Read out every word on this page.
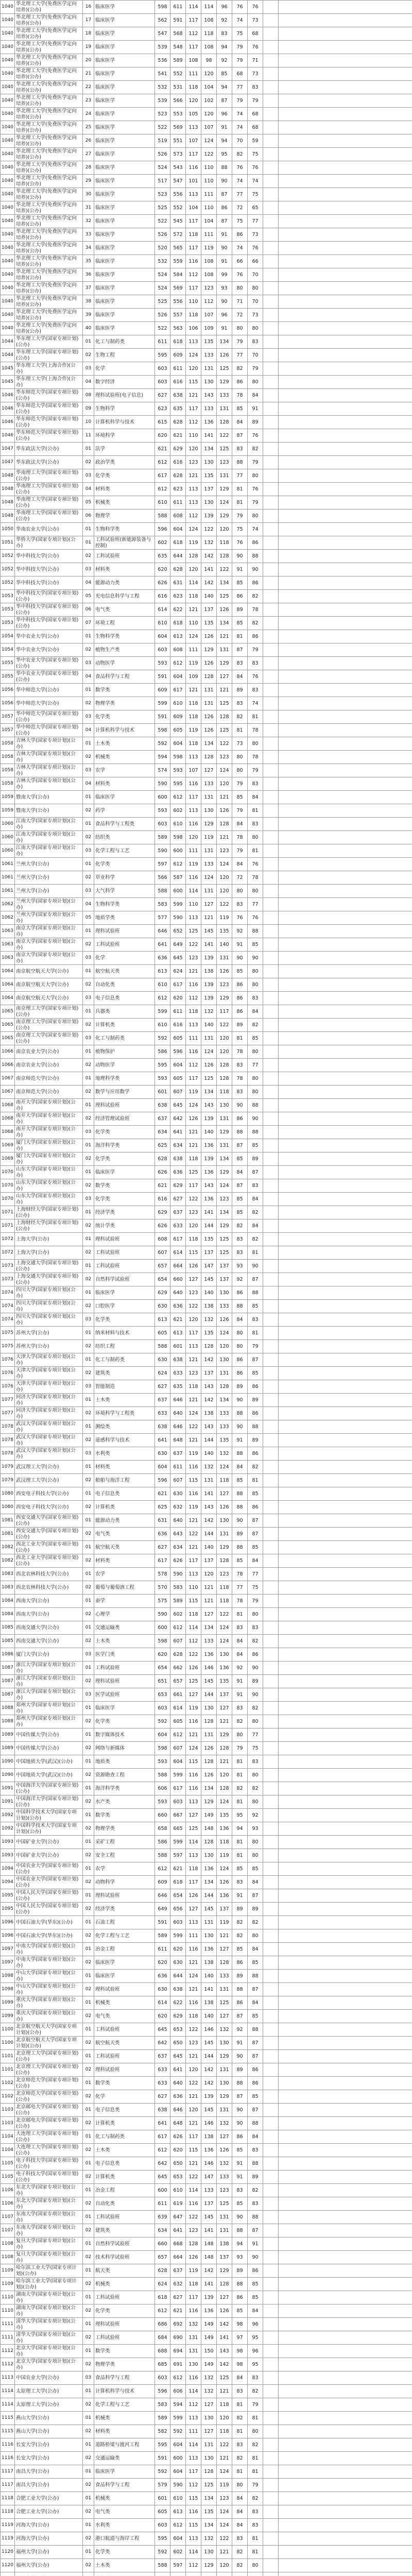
1040	华北理工大学(免费医学定向培养)(公办)	16	临床医学	598	611	114	114	96	76	76		
1040	华北理工大学(免费医学定向培养)(公办)	17	临床医学	562	591	117	108	92	74	73		
1040	华北理工大学(免费医学定向培养)(公办)	18	临床医学	547	568	112	118	83	75	68		
1040	华北理工大学(免费医学定向培养)(公办)	19	临床医学	539	548	117	108	94	79	76		
1040	华北理工大学(免费医学定向培养)(公办)	20	临床医学	536	589	108	98	92	79	71		
1040	华北理工大学(免费医学定向培养)(公办)	21	临床医学	541	552	111	120	85	68	73		
1040	华北理工大学(免费医学定向培养)(公办)	22	临床医学	532	531	118	104	94	77	83		
1040	华北理工大学(免费医学定向培养)(公办)	23	临床医学	539	566	120	102	87	79	79		
1040	华北理工大学(免费医学定向培养)(公办)	24	临床医学	523	553	105	120	96	74	68		
1040	华北理工大学(免费医学定向培养)(公办)	25	临床医学	522	569	113	107	91	74	68		
1040	华北理工大学(免费医学定向培养)(公办)	26	临床医学	519	551	107	124	94	70	59		
1040	华北理工大学(免费医学定向培养)(公办)	27	临床医学	526	573	117	122	95	82	75		
1040	华北理工大学(免费医学定向培养)(公办)	28	临床医学	524	543	116	110	88	76	76		
1040	华北理工大学(免费医学定向培养)(公办)	29	临床医学	517	547	101	110	90	74	74		
1040	华北理工大学(免费医学定向培养)(公办)	30	临床医学	523	556	113	111	87	77	75		
1040	华北理工大学(免费医学定向培养)(公办)	31	临床医学	525	552	104	110	86	72	65		
1040	华北理工大学(免费医学定向培养)(公办)	32	临床医学	522	545	117	104	87	75	77		
1040	华北理工大学(免费医学定向培养)(公办)	33	临床医学	526	572	118	111	91	86	73		
1040	华北理工大学(免费医学定向培养)(公办)	34	临床医学	520	565	117	119	90	74	76		
1040	华北理工大学(免费医学定向培养)(公办)	35	临床医学	532	559	116	108	91	66	66		
1040	华北理工大学(免费医学定向培养)(公办)	36	临床医学	524	584	112	108	99	76	70		
1040	华北理工大学(免费医学定向培养)(公办)	37	临床医学	524	569	117	123	93	80	80		
1040	华北理工大学(免费医学定向培养)(公办)	38	临床医学	525	556	110	112	90	71	70		
1040	华北理工大学(免费医学定向培养)(公办)	39	临床医学	526	557	118	107	96	72	73		
1040	华北理工大学(免费医学定向培养)(公办)	40	临床医学	522	563	106	109	91	80	80		
1044	华东理工大学(国家专项计划)(公办)	01	化工与制药类	611	618	113	135	134	79	83		
1044	华东理工大学(国家专项计划)(公办)	02	生物工程	595	609	124	133	126	77	70		
1045	华东理工大学(上海合作)(公办)	03	化学	603	611	120	131	125	82	79		
1045	华东理工大学(上海合作)(公办)	04	数字经济	603	616	115	130	129	86	80		
1046	华东师范大学(国家专项计划)(公办)	08	理科试验班(电子信息)	627	638	121	143	133	78	84		
1046	华东师范大学(国家专项计划)(公办)	09	生物科学	623	635	117	133	131	85	91		
1046	华东师范大学(国家专项计划)(公办)	10	计算机科学与技术	615	628	112	136	128	84	89		
1046	华东师范大学(国家专项计划)(公办)	11	环境科学	620	621	110	141	122	87	76		
1047	华东政法大学(公办)	01	法学	621	629	120	134	125	83	82		
1047	华东政法大学(公办)	02	政治学类	612	616	123	130	123	88	79		
1048	华南理工大学(国家专项计划)(公办)	03	化学类	617	628	121	135	131	77	80		
1048	华南理工大学(国家专项计划)(公办)	04	材料类	612	623	113	137	129	81	76		
1048	华南理工大学(国家专项计划)(公办)	05	机械类	610	611	113	130	124	81	79		
1048	华南理工大学(国家专项计划)(公办)	06	物理学	588	608	112	139	129	79	80		
1050	华南农业大学(公办)	01	生物科学类	596	604	124	122	120	75	74		
1051	华侨大学(国家专项计划)(公办)	01	工科试验班(新能源装备与控制)	602	618	119	132	118	76	86		
1052	华中科技大学(公办)	02	工科试验班	635	644	128	142	128	90	88		
1052	华中科技大学(公办)	03	材料类	620	628	120	141	122	91	90		
1052	华中科技大学(公办)	04	能源动力类	626	631	114	142	134	85	86		
1053	华中科技大学(国家专项计划)(公办)	05	光电信息科学与工程	616	623	118	140	125	86	82		
1053	华中科技大学(国家专项计划)(公办)	06	电气类	614	622	121	137	126	89	78		
1053	华中科技大学(国家专项计划)(公办)	07	环境工程	610	618	110	135	134	85	82		
1054	华中农业大学(公办)	01	生物科学类	604	613	124	126	121	81	86		
1054	华中农业大学(公办)	02	植物生产类	603	608	111	129	131	87	79		
1055	华中农业大学(国家专项计划)(公办)	03	动物医学	593	612	119	126	129	83	83		
1055	华中农业大学(国家专项计划)(公办)	04	食品科学与工程	591	604	109	128	127	84	76		
1056	华中师范大学(公办)	01	数学类	609	617	121	131	121	89	83		
1056	华中师范大学(公办)	02	物理学类	599	610	118	131	125	83	74		
1057	华中师范大学(国家专项计划)(公办)	03	化学类	591	609	118	126	128	82	81		
1057	华中师范大学(国家专项计划)(公办)	04	计算机科学与技术	598	605	119	126	125	81	78		
1058	吉林大学(国家专项计划)(公办)	01	土木类	592	604	118	134	122	73	80		
1058	吉林大学(国家专项计划)(公办)	02	机械类	594	598	113	128	123	80	78		
1058	吉林大学(国家专项计划)(公办)	03	农学	574	593	107	127	124	80	79		
1058	吉林大学(国家专项计划)(公办)	04	材料类	590	595	116	133	120	79	83		
1059	暨南大学(公办)	01	临床医学	600	612	117	131	121	85	84		
1059	暨南大学(公办)	02	药学	593	602	113	130	126	79	81		
1060	江南大学(国家专项计划)(公办)	01	食品科学与工程类	603	610	116	129	128	84	83		
1060	江南大学(国家专项计划)(公办)	02	纺织类	589	598	120	119	121	78	80		
1060	江南大学(国家专项计划)(公办)	03	化学工程与工艺	590	600	111	131	123	79	81		
1061	兰州大学(公办)	01	化学类	597	612	119	133	124	84	76		
1061	兰州大学(公办)	02	草业科学	566	587	116	124	120	72	78		
1061	兰州大学(公办)	03	大气科学	588	600	114	131	120	80	80		
1062	兰州大学(国家专项计划)(公办)	04	生物科学类	583	599	110	127	122	83	77		
1062	兰州大学(国家专项计划)(公办)	05	地质学类	577	590	113	121	119	76	76		
1063	南京大学(国家专项计划)(公办)	01	理科试验班	646	652	125	145	135	92	88		
1063	南京大学(国家专项计划)(公办)	02	工科试验班	641	649	122	141	140	91	85		
1063	南京大学(国家专项计划)(公办)	03	化学	636	645	123	139	131	90	90		
1064	南京航空航天大学(公办)	01	航空航天类	613	624	121	138	126	85	80		
1064	南京航空航天大学(公办)	02	自动化类	610	617	116	139	123	86	80		
1064	南京航空航天大学(公办)	03	电子信息类	612	620	112	139	129	86	83		
1065	南京理工大学(国家专项计划)(公办)	01	兵器类	599	611	118	132	117	86	84		
1065	南京理工大学(国家专项计划)(公办)	02	计算机类	610	616	113	140	122	89	82		
1065	南京理工大学(国家专项计划)(公办)	03	化工与制药类	592	605	111	131	120	81	85		
1066	南京农业大学(公办)	01	植物保护	586	596	116	124	120	78	80		
1066	南京农业大学(公办)	02	动物医学	595	604	112	126	128	83	77		
1067	南京师范大学(公办)	01	地理科学类	593	605	117	125	128	78	80		
1067	南京师范大学(公办)	02	数学与应用数学	601	607	119	134	118	83	80		
1068	南开大学(国家专项计划)(公办)	01	理科试验班	638	645	124	143	130	90	88		
1068	南开大学(国家专项计划)(公办)	02	经济管理试验班	637	642	126	139	131	86	90		
1068	南开大学(国家专项计划)(公办)	03	化学类	634	641	121	140	129	88	88		
1069	厦门大学(国家专项计划)(公办)	01	海洋科学类	625	634	121	136	131	87	85		
1069	厦门大学(国家专项计划)(公办)	02	化学类	628	638	118	139	134	85	89		
1070	山东大学(国家专项计划)(公办)	01	临床医学	626	636	125	136	129	84	87		
1070	山东大学(国家专项计划)(公办)	02	数学类	621	629	117	143	124	87	83		
1070	山东大学(国家专项计划)(公办)	03	化学类	616	627	122	136	123	85	84		
1071	上海财经大学(国家专项计划)(公办)	01	经济学类	629	637	123	141	134	85	82		
1071	上海财经大学(国家专项计划)(公办)	02	统计学类	626	633	120	144	129	82	84		
1072	上海大学(公办)	01	理科试验班	608	617	118	135	125	83	82		
1072	上海大学(公办)	02	工科试验班	607	614	115	137	125	83	81		
1073	上海交通大学(国家专项计划)(公办)	01	工科试验班	657	664	126	147	137	93	90		
1073	上海交通大学(国家专项计划)(公办)	02	自然科学试验班	654	660	127	145	137	92	87		
1074	四川大学(国家专项计划)(公办)	01	临床医学	629	640	123	140	130	86	88		
1074	四川大学(国家专项计划)(公办)	02	口腔医学	630	636	122	138	133	88	85		
1074	四川大学(国家专项计划)(公办)	03	化学类	613	621	120	132	126	84	83		
1075	苏州大学(公办)	01	纳米材料与技术	605	613	117	135	124	80	81		
1075	苏州大学(公办)	02	纺织工程	588	601	113	128	120	80	79		
1076	天津大学(国家专项计划)(公办)	01	化工与制药类	630	638	121	142	130	86	87		
1076	天津大学(国家专项计划)(公办)	02	建筑类	624	633	123	137	131	86	85		
1076	天津大学(国家专项计划)(公办)	03	智能制造	627	635	118	143	128	89	86		
1077	同济大学(国家专项计划)(公办)	01	土木类	637	646	121	142	134	90	89		
1077	同济大学(国家专项计划)(公办)	02	环境科学与工程类	633	640	124	138	133	88	86		
1078	武汉大学(国家专项计划)(公办)	01	测绘类	638	646	122	143	133	90	88		
1078	武汉大学(国家专项计划)(公办)	02	遥感科学与技术	641	648	121	144	135	91	89		
1078	武汉大学(国家专项计划)(公办)	03	水利类	630	637	119	140	132	88	86		
1079	武汉理工大学(公办)	01	材料类	604	611	116	132	124	84	82		
1079	武汉理工大学(公办)	02	船舶与海洋工程	596	607	115	131	118	85	81		
1080	西安电子科技大学(公办)	01	电子信息类	621	630	116	141	127	88	85		
1080	西安电子科技大学(公办)	02	计算机类	625	632	119	143	126	88	86		
1081	西安交通大学(国家专项计划)(公办)	01	能源动力类	631	640	121	142	130	90	87		
1081	西安交通大学(国家专项计划)(公办)	02	电气类	636	643	122	144	131	89	87		
1082	西北工业大学(国家专项计划)(公办)	01	航空航天类	627	634	121	140	129	88	85		
1082	西北工业大学(国家专项计划)(公办)	02	材料类	617	626	117	137	128	85	84		
1083	西北农林科技大学(公办)	01	农学	578	590	113	120	123	78	77		
1083	西北农林科技大学(公办)	02	葡萄与葡萄酒工程	570	583	110	121	118	77	75		
1084	西南大学(公办)	01	蚕学	575	589	115	121	118	78	79		
1084	西南大学(公办)	02	心理学	590	602	118	127	122	81	80		
1085	西南交通大学(公办)	01	交通运输类	600	612	114	134	124	83	83		
1085	西南交通大学(公办)	02	土木类	598	607	112	133	124	84	82		
1086	厦门大学(公办)	03	医学门类	620	628	122	136	130	84	86		
1087	浙江大学(国家专项计划)(公办)	01	工科试验班	654	662	126	146	136	92	90		
1087	浙江大学(国家专项计划)(公办)	02	理科试验班	651	657	125	145	135	91	89		
1087	浙江大学(国家专项计划)(公办)	03	医学试验班	653	661	127	144	137	91	90		
1088	郑州大学(国家专项计划)(公办)	01	临床医学	603	614	119	130	127	83	82		
1088	郑州大学(国家专项计划)(公办)	02	化学类	592	605	116	128	121	82	80		
1089	中国传媒大学(公办)	01	数字媒体技术	604	612	121	131	129	80	77		
1089	中国传媒大学(公办)	02	网络与新媒体	598	607	124	126	128	79	75		
1090	中国地质大学(武汉)(公办)	01	地质类	593	604	115	128	121	81	83		
1090	中国地质大学(武汉)(公办)	02	资源勘查工程	588	599	116	126	120	81	80		
1091	中国海洋大学(国家专项计划)(公办)	01	海洋科学类	606	617	116	134	128	82	82		
1091	中国海洋大学(国家专项计划)(公办)	02	水产类	593	603	113	129	124	81	80		
1092	中国科学技术大学(国家专项计划)(公办)	01	数学类	660	667	127	149	135	95	92		
1092	中国科学技术大学(国家专项计划)(公办)	02	物理学类	658	665	125	148	136	94	93		
1093	中国矿业大学(公办)	01	采矿工程	586	599	114	128	118	81	80		
1093	中国矿业大学(公办)	02	安全工程	588	597	113	130	119	81	80		
1094	中国农业大学(国家专项计划)(公办)	01	农学	612	621	118	136	124	85	85		
1094	中国农业大学(国家专项计划)(公办)	02	动物科学	609	618	117	134	126	83	84		
1095	中国人民大学(国家专项计划)(公办)	01	理科试验班	646	654	126	144	136	91	87		
1095	中国人民大学(国家专项计划)(公办)	02	经济学类	649	656	127	145	137	89	89		
1096	中国石油大学(华东)(公办)	01	石油工程	591	603	113	131	119	82	82		
1096	中国石油大学(华东)(公办)	02	化学工程与工艺	589	599	111	130	121	82	80		
1097	中南大学(国家专项计划)(公办)	01	冶金工程	611	620	116	136	127	85	84		
1097	中南大学(国家专项计划)(公办)	02	临床医学	620	630	121	138	128	86	85		
1098	中山大学(国家专项计划)(公办)	01	临床医学	636	644	124	140	133	89	88		
1098	中山大学(国家专项计划)(公办)	02	理科试验班	630	638	121	141	131	88	87		
1099	重庆大学(国家专项计划)(公办)	01	机械类	614	622	116	138	125	86	84		
1099	重庆大学(国家专项计划)(公办)	02	电气类	620	629	118	140	127	87	85		
1100	北京航空航天大学(国家专项计划)(公办)	01	工科试验班	645	653	122	146	132	92	88		
1100	北京航空航天大学(国家专项计划)(公办)	02	航空航天类	642	650	123	145	130	91	87		
1101	北京理工大学(国家专项计划)(公办)	01	工科试验班	637	645	121	144	129	90	87		
1101	北京理工大学(国家专项计划)(公办)	02	理科试验班	633	641	120	142	131	89	86		
1102	北京师范大学(国家专项计划)(公办)	01	数学类	633	640	122	142	130	88	86		
1102	北京师范大学(国家专项计划)(公办)	02	化学	627	636	121	139	129	87	85		
1103	北京邮电大学(国家专项计划)(公办)	01	电子信息类	638	646	120	145	131	90	87		
1103	北京邮电大学(国家专项计划)(公办)	02	计算机类	641	648	121	146	132	90	88		
1104	大连理工大学(国家专项计划)(公办)	01	化工与制药类	617	626	117	138	127	86	84		
1104	大连理工大学(国家专项计划)(公办)	02	土木类	612	620	115	136	126	85	83		
1105	电子科技大学(国家专项计划)(公办)	01	电子信息类	642	650	121	146	132	91	88		
1105	电子科技大学(国家专项计划)(公办)	02	计算机类	645	653	122	147	133	91	89		
1106	东北大学(国家专项计划)(公办)	01	冶金工程	600	610	114	133	123	83	82		
1106	东北大学(国家专项计划)(公办)	02	自动化类	611	619	116	137	125	85	83		
1107	东南大学(国家专项计划)(公办)	01	工科试验班	639	647	122	145	131	90	88		
1107	东南大学(国家专项计划)(公办)	02	建筑类	634	641	123	141	131	88	87		
1108	复旦大学(国家专项计划)(公办)	01	自然科学试验班	660	668	128	148	138	94	91		
1108	复旦大学(国家专项计划)(公办)	02	技术科学试验班	657	664	126	148	137	93	90		
1109	哈尔滨工业大学(国家专项计划)(公办)	01	航天类	628	637	119	142	129	89	86		
1109	哈尔滨工业大学(国家专项计划)(公办)	02	机械类	624	632	118	141	128	88	85		
1110	湖南大学(国家专项计划)(公办)	01	工科试验班	618	627	117	139	127	86	85		
1110	湖南大学(国家专项计划)(公办)	02	化学类	612	621	116	136	126	85	84		
1111	清华大学(国家专项计划)(公办)	01	理科试验班	686	692	132	149	142	98	96		
1111	清华大学(国家专项计划)(公办)	02	工科试验班	684	690	131	149	141	97	95		
1112	北京大学(国家专项计划)(公办)	01	数学类	688	694	131	150	143	98	96		
1112	北京大学(国家专项计划)(公办)	02	物理学类	685	691	130	149	142	98	95		
1113	中国农业大学(公办)	03	食品科学与工程	603	612	116	132	125	84	83		
1114	太原理工大学(公办)	01	计算机科学与技术	596	606	114	132	121	83	82		
1114	太原理工大学(公办)	02	化学工程与工艺	583	594	112	127	118	81	79		
1115	燕山大学(公办)	01	机械类	589	599	113	130	120	82	81		
1115	燕山大学(公办)	02	材料类	582	592	111	127	118	81	80		
1116	长安大学(公办)	01	道路桥梁与渡河工程	595	604	114	131	122	83	82		
1116	长安大学(公办)	02	交通运输类	591	600	113	130	121	82	81		
1117	南昌大学(公办)	01	临床医学	592	604	117	128	124	81	81		
1117	南昌大学(公办)	02	食品科学与工程	579	590	112	125	119	80	79		
1118	合肥工业大学(公办)	01	机械类	601	610	115	134	123	84	82		
1118	合肥工业大学(公办)	02	电气类	605	613	116	135	124	84	83		
1119	河海大学(公办)	01	水利类	603	612	115	134	124	84	83		
1119	河海大学(公办)	02	港口航道与海岸工程	595	604	113	132	122	83	81		
1120	福州大学(公办)	01	化学类	592	602	114	130	121	82	81		
1120	福州大学(公办)	02	土木类	588	597	112	129	120	82	80		
